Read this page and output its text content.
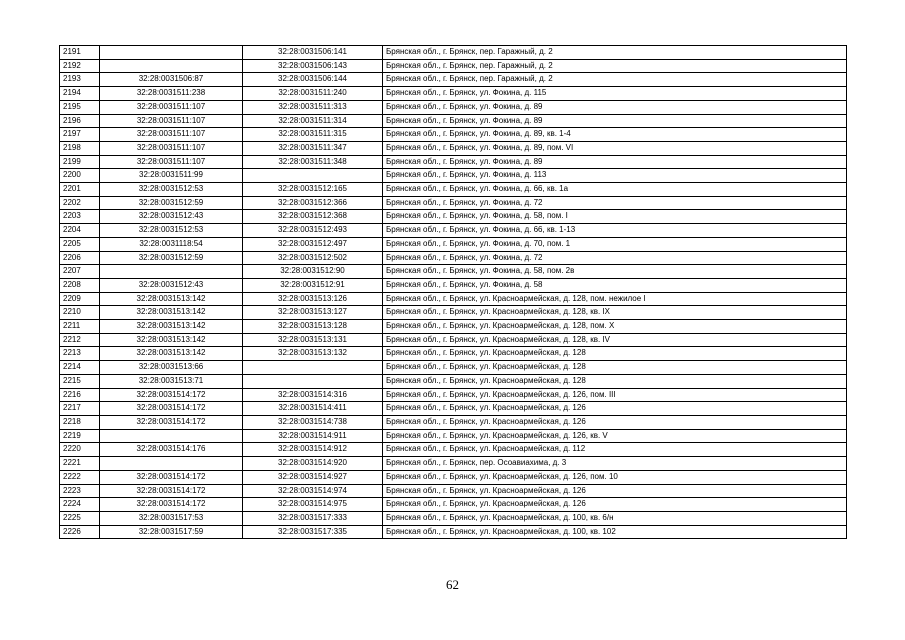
2191		32:28:0031506:141	Брянская обл., г. Брянск, пер. Гаражный, д. 2
2192		32:28:0031506:143	Брянская обл., г. Брянск, пер. Гаражный, д. 2
2193	32:28:0031506:87	32:28:0031506:144	Брянская обл., г. Брянск, пер. Гаражный, д. 2
2194	32:28:0031511:238	32:28:0031511:240	Брянская обл., г. Брянск, ул. Фокина, д. 115
2195	32:28:0031511:107	32:28:0031511:313	Брянская обл., г. Брянск, ул. Фокина, д. 89
2196	32:28:0031511:107	32:28:0031511:314	Брянская обл., г. Брянск, ул. Фокина, д. 89
2197	32:28:0031511:107	32:28:0031511:315	Брянская обл., г. Брянск, ул. Фокина, д. 89, кв. 1-4
2198	32:28:0031511:107	32:28:0031511:347	Брянская обл., г. Брянск, ул. Фокина, д. 89, пом. VI
2199	32:28:0031511:107	32:28:0031511:348	Брянская обл., г. Брянск, ул. Фокина, д. 89
2200	32:28:0031511:99		Брянская обл., г. Брянск, ул. Фокина, д. 113
2201	32:28:0031512:53	32:28:0031512:165	Брянская обл., г. Брянск, ул. Фокина, д. 66, кв. 1а
2202	32:28:0031512:59	32:28:0031512:366	Брянская обл., г. Брянск, ул. Фокина, д. 72
2203	32:28:0031512:43	32:28:0031512:368	Брянская обл., г. Брянск, ул. Фокина, д. 58, пом. I
2204	32:28:0031512:53	32:28:0031512:493	Брянская обл., г. Брянск, ул. Фокина, д. 66, кв. 1-13
2205	32:28:0031118:54	32:28:0031512:497	Брянская обл., г. Брянск, ул. Фокина, д. 70, пом. 1
2206	32:28:0031512:59	32:28:0031512:502	Брянская обл., г. Брянск, ул. Фокина, д. 72
2207		32:28:0031512:90	Брянская обл., г. Брянск, ул. Фокина, д. 58, пом. 2в
2208	32:28:0031512:43	32:28:0031512:91	Брянская обл., г. Брянск, ул. Фокина, д. 58
2209	32:28:0031513:142	32:28:0031513:126	Брянская обл., г. Брянск, ул. Красноармейская, д. 128, пом. нежилое I
2210	32:28:0031513:142	32:28:0031513:127	Брянская обл., г. Брянск, ул. Красноармейская, д. 128, кв. IX
2211	32:28:0031513:142	32:28:0031513:128	Брянская обл., г. Брянск, ул. Красноармейская, д. 128, пом. X
2212	32:28:0031513:142	32:28:0031513:131	Брянская обл., г. Брянск, ул. Красноармейская, д. 128, кв. IV
2213	32:28:0031513:142	32:28:0031513:132	Брянская обл., г. Брянск, ул. Красноармейская, д. 128
2214	32:28:0031513:66		Брянская обл., г. Брянск, ул. Красноармейская, д. 128
2215	32:28:0031513:71		Брянская обл., г. Брянск, ул. Красноармейская, д. 128
2216	32:28:0031514:172	32:28:0031514:316	Брянская обл., г. Брянск, ул. Красноармейская, д. 126, пом. III
2217	32:28:0031514:172	32:28:0031514:411	Брянская обл., г. Брянск, ул. Красноармейская, д. 126
2218	32:28:0031514:172	32:28:0031514:738	Брянская обл., г. Брянск, ул. Красноармейская, д. 126
2219		32:28:0031514:911	Брянская обл., г. Брянск, ул. Красноармейская, д. 126, кв. V
2220	32:28:0031514:176	32:28:0031514:912	Брянская обл., г. Брянск, ул. Красноармейская, д. 112
2221		32:28:0031514:920	Брянская обл., г. Брянск, пер. Осоавиахима, д. 3
2222	32:28:0031514:172	32:28:0031514:927	Брянская обл., г. Брянск, ул. Красноармейская, д. 126, пом. 10
2223	32:28:0031514:172	32:28:0031514:974	Брянская обл., г. Брянск, ул. Красноармейская, д. 126
2224	32:28:0031514:172	32:28:0031514:975	Брянская обл., г. Брянск, ул. Красноармейская, д. 126
2225	32:28:0031517:53	32:28:0031517:333	Брянская обл., г. Брянск, ул. Красноармейская, д. 100, кв. 6/н
2226	32:28:0031517:59	32:28:0031517:335	Брянская обл., г. Брянск, ул. Красноармейская, д. 100, кв. 102
62
